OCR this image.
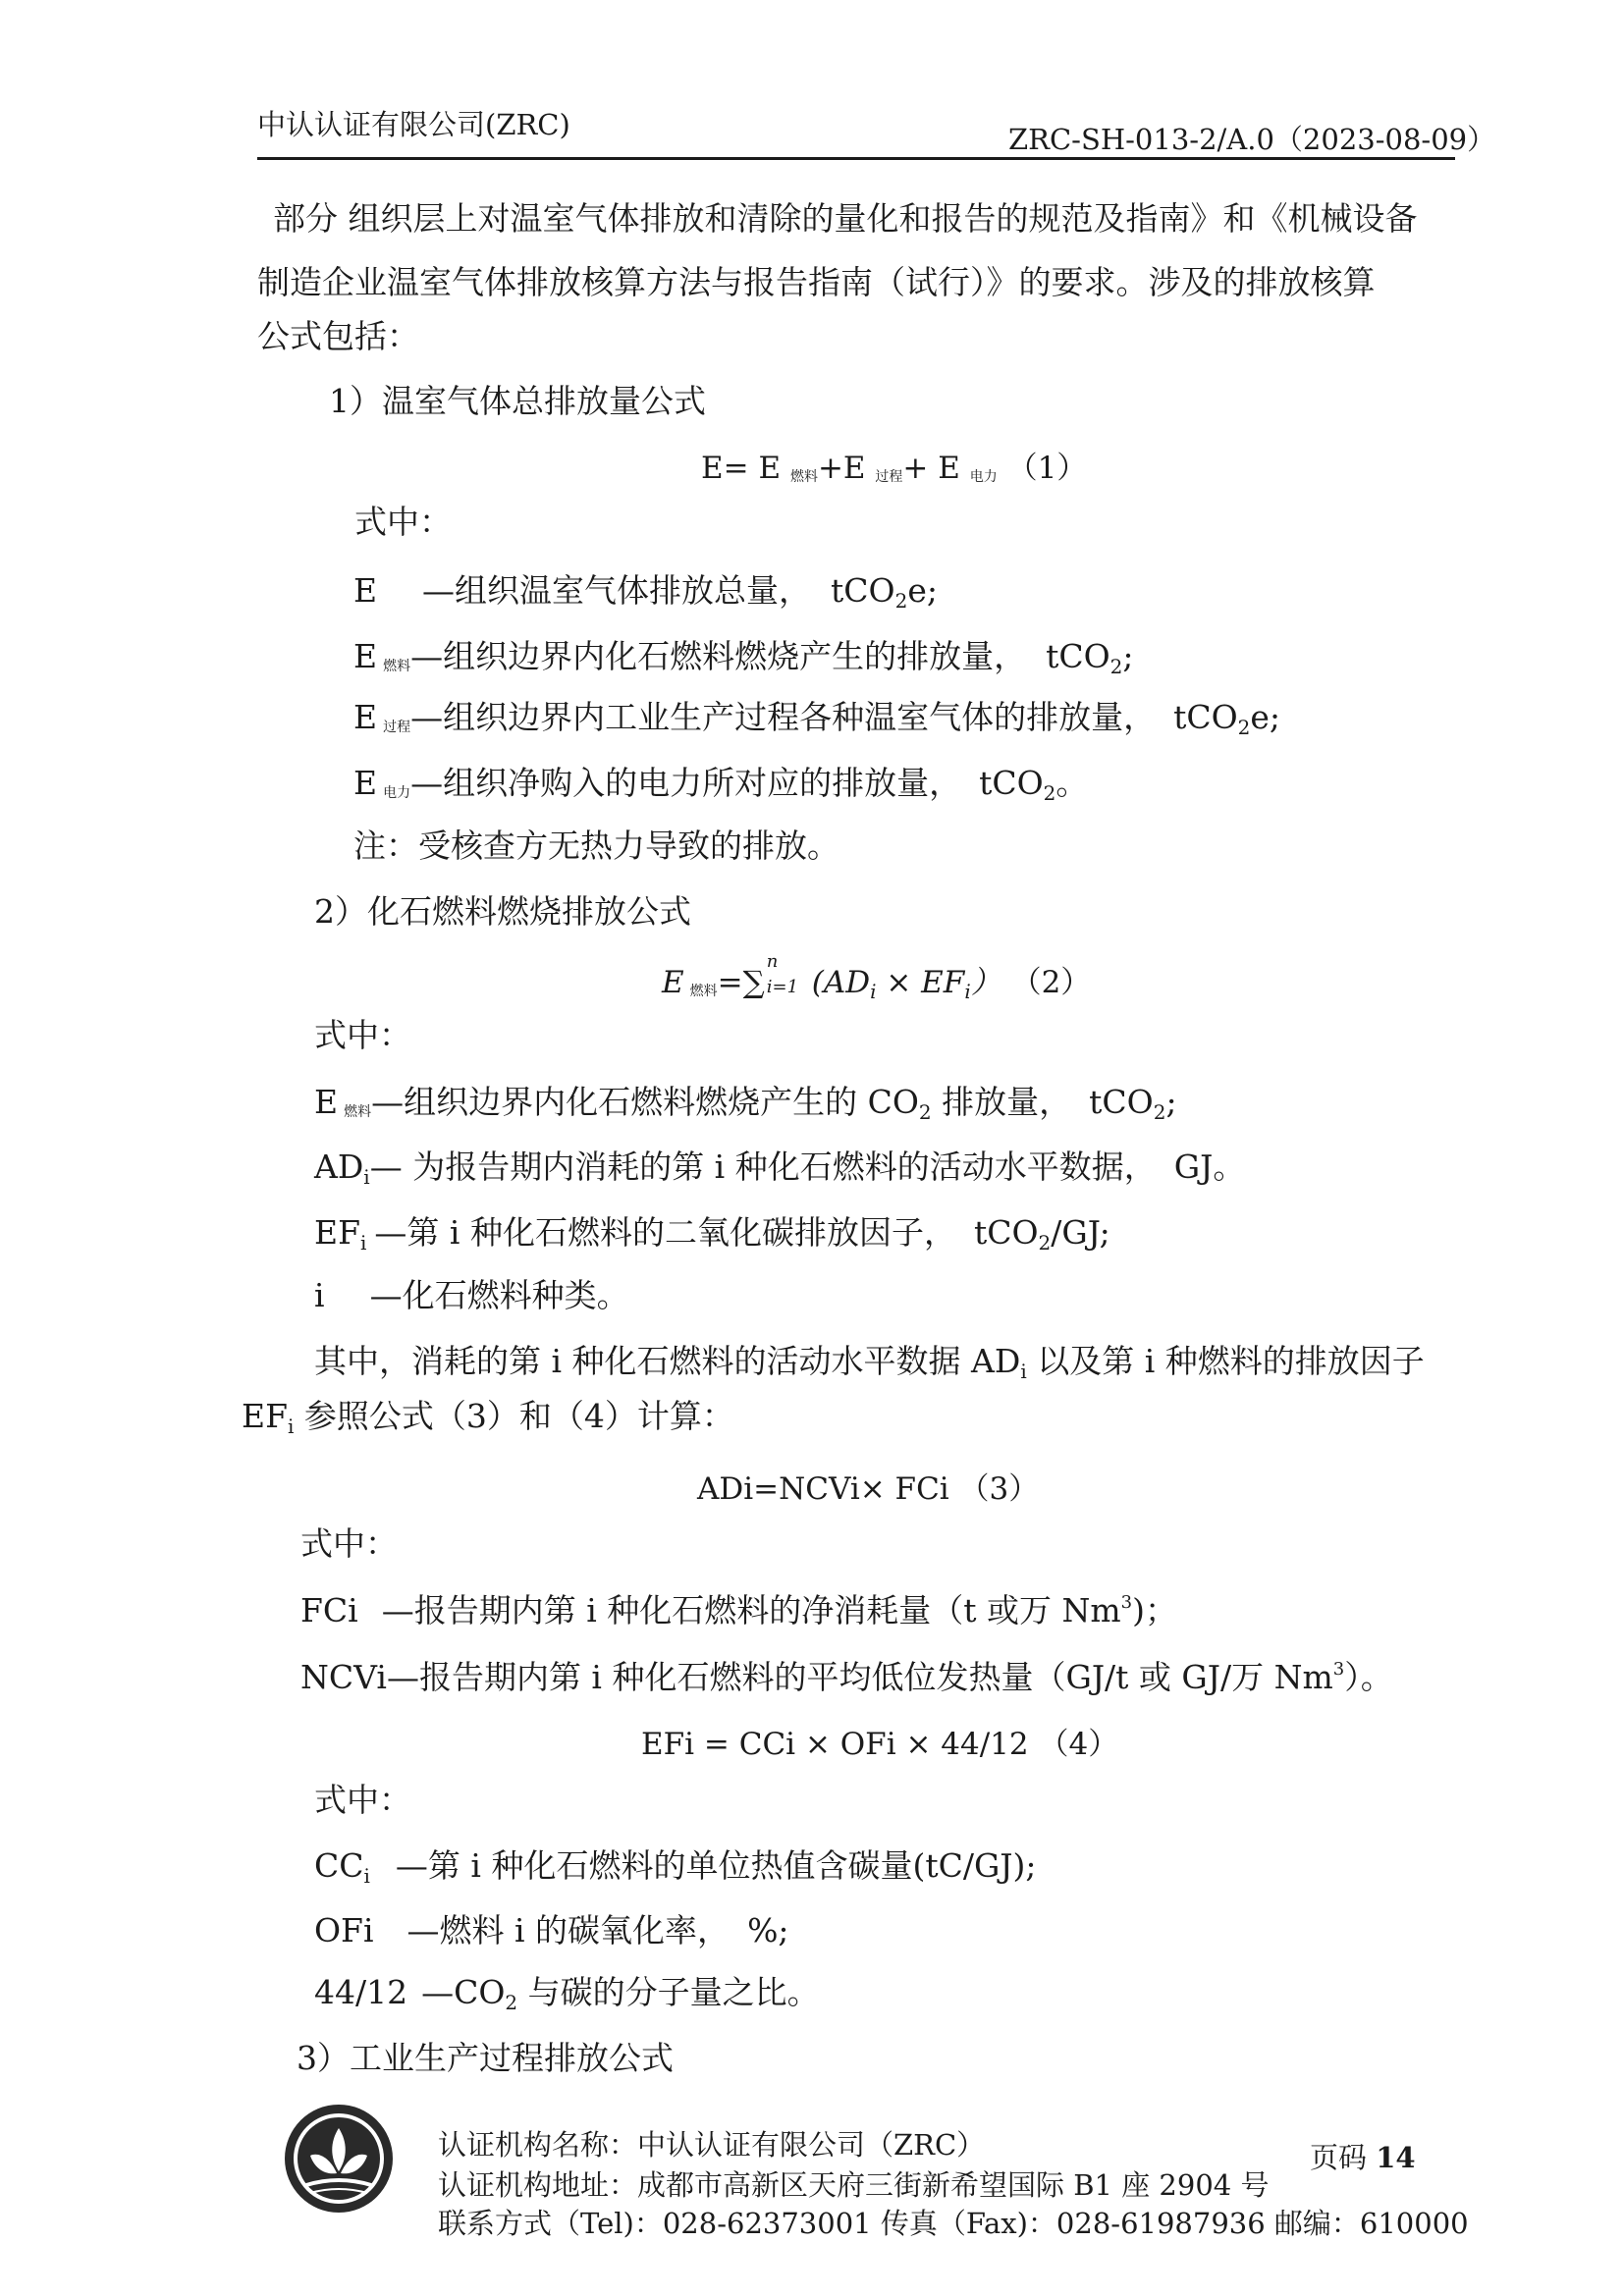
中认认证有限公司(ZRC)	ZRC-SH-013-2/A.0（2023-08-09）
部分 组织层上对温室气体排放和清除的量化和报告的规范及指南》和《机械设备
制造企业温室气体排放核算方法与报告指南（试行）》的要求。涉及的排放核算
公式包括：
1）温室气体总排放量公式
E= E $_{燃料}$+E $_{过程}$+ E $_{电力}$ （1）
式中：
E —组织温室气体排放总量， tCO2e;
E $_{燃料}$—组织边界内化石燃料燃烧产生的排放量， tCO2;
E $_{过程}$—组织边界内工业生产过程各种温室气体的排放量， tCO2e;
E $_{电力}$—组织净购入的电力所对应的排放量， tCO2。
注：受核查方无热力导致的排放。
2）化石燃料燃烧排放公式
E $_{燃料}$=∑
n
i=1 (ADi × EFi） （2）
式中：
E $_{燃料}$—组织边界内化石燃料燃烧产生的 CO2 排放量， tCO2;
ADi— 为报告期内消耗的第 i 种化石燃料的活动水平数据， GJ。
EFi —第 i 种化石燃料的二氧化碳排放因子， tCO2/GJ;
i —化石燃料种类。
其中，消耗的第 i 种化石燃料的活动水平数据 ADi 以及第 i 种燃料的排放因子
EFi 参照公式（3）和（4）计算：
ADi=NCVi× FCi （3）
式中：
FCi —报告期内第 i 种化石燃料的净消耗量（t 或万 Nm$^3$)；
NCVi—报告期内第 i 种化石燃料的平均低位发热量（GJ/t 或 GJ/万 Nm$^3$）。
EFi = CCi × OFi × 44/12 （4）
式中：
CCi —第 i 种化石燃料的单位热值含碳量(tC/GJ);
OFi —燃料 i 的碳氧化率， %;
44/12 —CO2 与碳的分子量之比。
3）工业生产过程排放公式
认证机构名称：中认认证有限公司（ZRC）
认证机构地址：成都市高新区天府三街新希望国际 B1 座 2904 号
联系方式（Tel)：028-62373001 传真（Fax)：028-61987936 邮编：610000
页码 14
